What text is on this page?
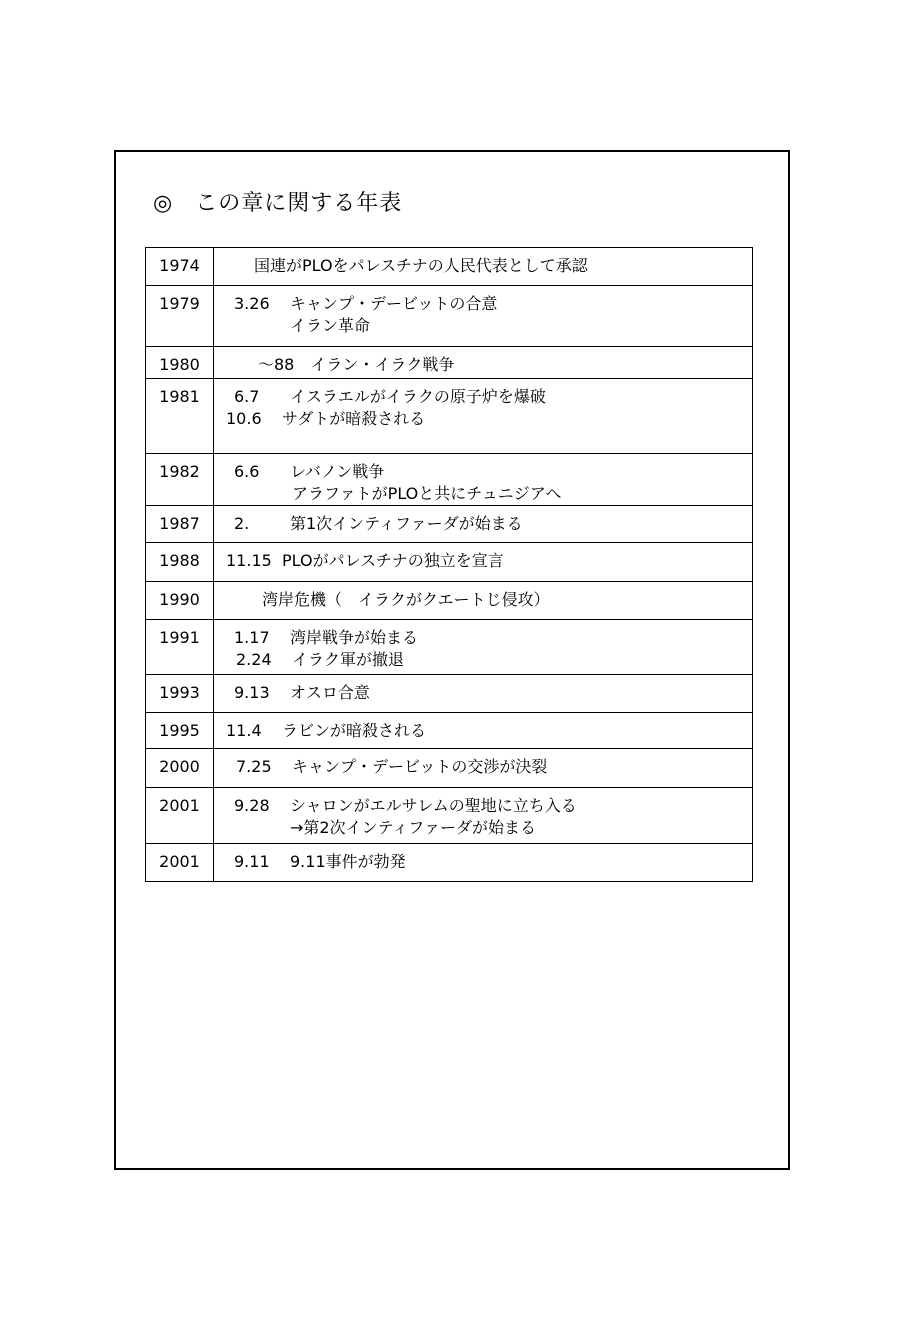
◎ この章に関する年表
1974	国連がPLOをパレスチナの人民代表として承認

1979	3.26 キャンプ・デービットの合意
イラン革命

1980	～88　イラン・イラク戦争

1981	6.7 イスラエルがイラクの原子炉を爆破
10.6 サダトが暗殺される

1982	6.6 レバノン戦争
アラファトがPLOと共にチュニジアへ

1987	2. 第1次インティファーダが始まる

1988	11.15 PLOがパレスチナの独立を宣言

1990	湾岸危機（　イラクがクエートじ侵攻）

1991	1.17 湾岸戦争が始まる
2.24 イラク軍が撤退

1993	9.13 オスロ合意

1995	11.4 ラビンが暗殺される

2000	7.25 キャンプ・デービットの交渉が決裂

2001	9.28 シャロンがエルサレムの聖地に立ち入る
→第2次インティファーダが始まる

2001	9.11 9.11事件が勃発
